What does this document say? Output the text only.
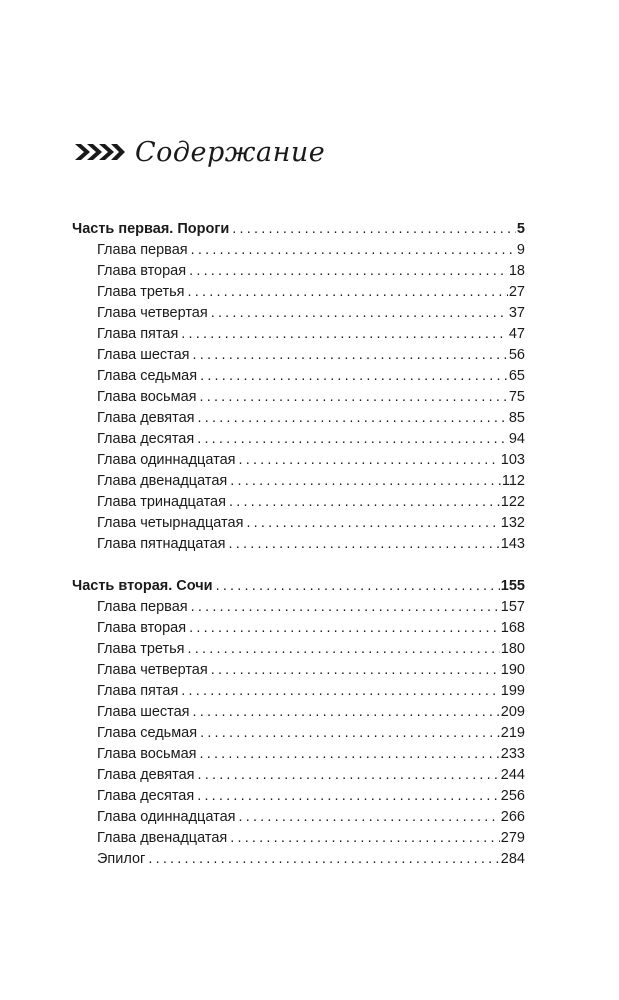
Содержание
Часть первая. Пороги .....	5
Глава первая .....	9
Глава вторая .....	18
Глава третья .....	27
Глава четвертая .....	37
Глава пятая .....	47
Глава шестая .....	56
Глава седьмая .....	65
Глава восьмая .....	75
Глава девятая .....	85
Глава десятая .....	94
Глава одиннадцатая .....	103
Глава двенадцатая .....	112
Глава тринадцатая .....	122
Глава четырнадцатая .....	132
Глава пятнадцатая .....	143
Часть вторая. Сочи .....	155
Глава первая .....	157
Глава вторая .....	168
Глава третья .....	180
Глава четвертая .....	190
Глава пятая .....	199
Глава шестая .....	209
Глава седьмая .....	219
Глава восьмая .....	233
Глава девятая .....	244
Глава десятая .....	256
Глава одиннадцатая .....	266
Глава двенадцатая .....	279
Эпилог .....	284
